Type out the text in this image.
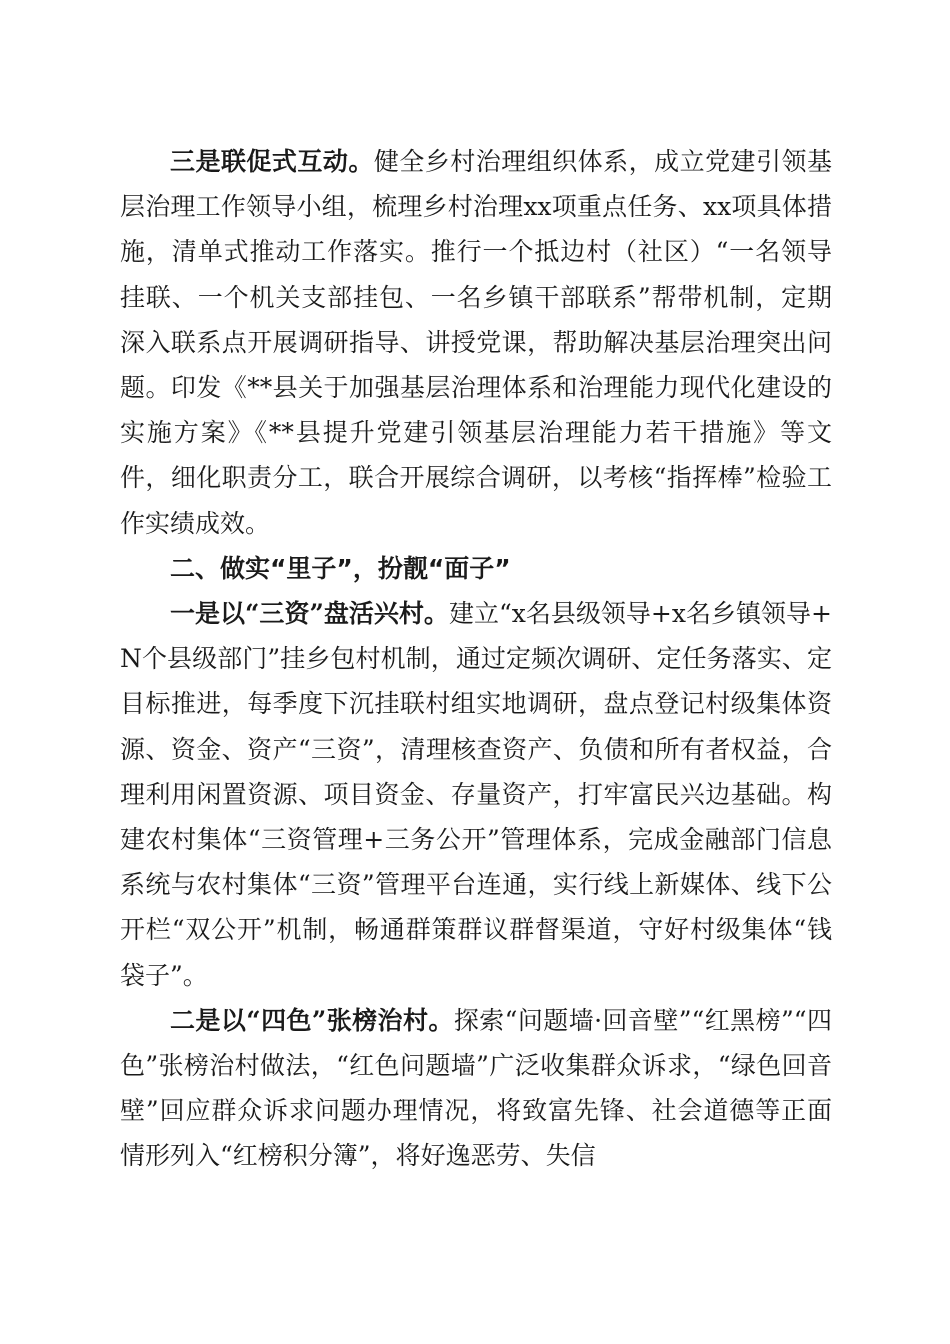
三是联促式互动。健全乡村治理组织体系，成立党建引领基层治理工作领导小组，梳理乡村治理xx项重点任务、xx项具体措施，清单式推动工作落实。推行一个抵边村（社区）“一名领导挂联、一个机关支部挂包、一名乡镇干部联系”帮带机制，定期深入联系点开展调研指导、讲授党课，帮助解决基层治理突出问题。印发《**县关于加强基层治理体系和治理能力现代化建设的实施方案》《**县提升党建引领基层治理能力若干措施》等文件，细化职责分工，联合开展综合调研，以考核“指挥棒”检验工作实绩成效。

二、做实“里子”，扮靓“面子”

一是以“三资”盘活兴村。建立“x名县级领导+x名乡镇领导+N个县级部门”挂乡包村机制，通过定频次调研、定任务落实、定目标推进，每季度下沉挂联村组实地调研，盘点登记村级集体资源、资金、资产“三资”，清理核查资产、负债和所有者权益，合理利用闲置资源、项目资金、存量资产，打牢富民兴边基础。构建农村集体“三资管理+三务公开”管理体系，完成金融部门信息系统与农村集体“三资”管理平台连通，实行线上新媒体、线下公开栏“双公开”机制，畅通群策群议群督渠道，守好村级集体“钱袋子”。

二是以“四色”张榜治村。探索“问题墙·回音壁”“红黑榜”“四色”张榜治村做法，“红色问题墙”广泛收集群众诉求，“绿色回音壁”回应群众诉求问题办理情况，将致富先锋、社会道德等正面情形列入“红榜积分簿”，将好逸恶劳、失信
